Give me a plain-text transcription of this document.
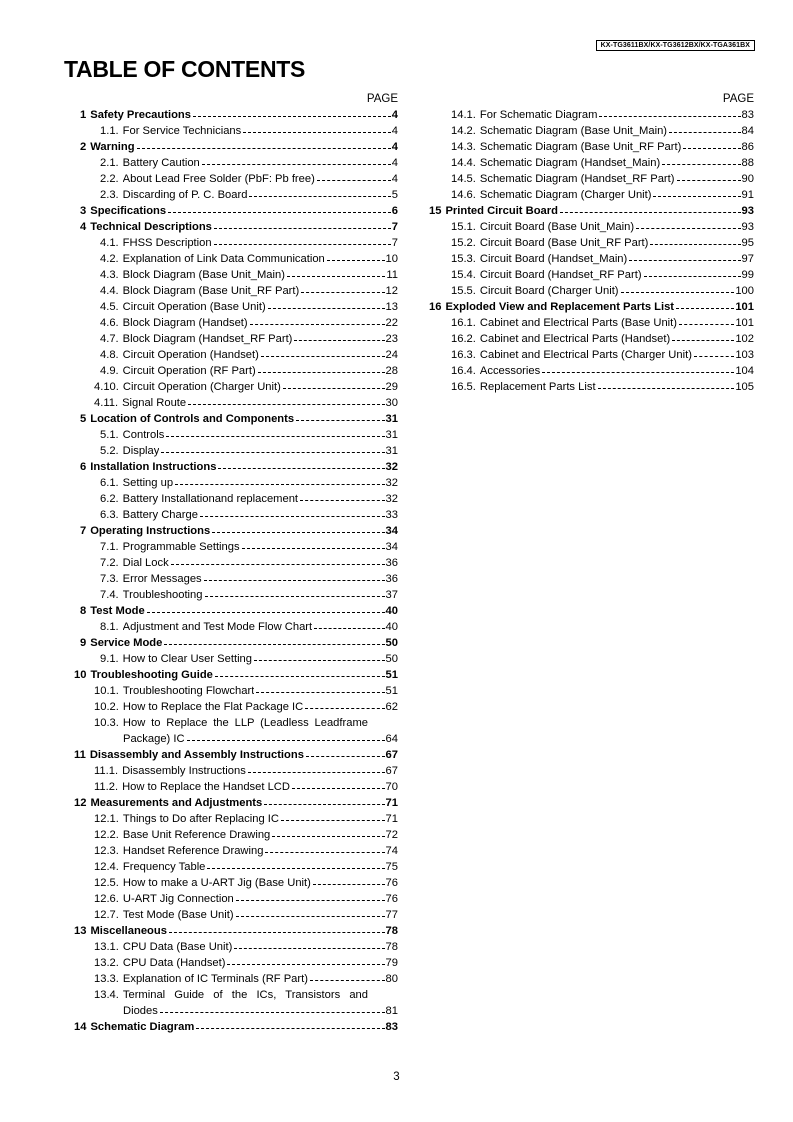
KX-TG3611BX/KX-TG3612BX/KX-TGA361BX
TABLE OF CONTENTS
PAGE
1 Safety Precautions	4
1.1. For Service Technicians	4
2 Warning	4
2.1. Battery Caution	4
2.2. About Lead Free Solder (PbF: Pb free)	4
2.3. Discarding of P. C. Board	5
3 Specifications	6
4 Technical Descriptions	7
4.1. FHSS Description	7
4.2. Explanation of Link Data Communication	10
4.3. Block Diagram (Base Unit_Main)	11
4.4. Block Diagram (Base Unit_RF Part)	12
4.5. Circuit Operation (Base Unit)	13
4.6. Block Diagram (Handset)	22
4.7. Block Diagram (Handset_RF Part)	23
4.8. Circuit Operation (Handset)	24
4.9. Circuit Operation (RF Part)	28
4.10. Circuit Operation (Charger Unit)	29
4.11. Signal Route	30
5 Location of Controls and Components	31
5.1. Controls	31
5.2. Display	31
6 Installation Instructions	32
6.1. Setting up	32
6.2. Battery Installationand replacement	32
6.3. Battery Charge	33
7 Operating Instructions	34
7.1. Programmable Settings	34
7.2. Dial Lock	36
7.3. Error Messages	36
7.4. Troubleshooting	37
8 Test Mode	40
8.1. Adjustment and Test Mode Flow Chart	40
9 Service Mode	50
9.1. How to Clear User Setting	50
10 Troubleshooting Guide	51
10.1. Troubleshooting Flowchart	51
10.2. How to Replace the Flat Package IC	62
10.3. How to Replace the LLP (Leadless Leadframe
Package) IC	64
11 Disassembly and Assembly Instructions	67
11.1. Disassembly Instructions	67
11.2. How to Replace the Handset LCD	70
12 Measurements and Adjustments	71
12.1. Things to Do after Replacing IC	71
12.2. Base Unit Reference Drawing	72
12.3. Handset Reference Drawing	74
12.4. Frequency Table	75
12.5. How to make a U-ART Jig (Base Unit)	76
12.6. U-ART Jig Connection	76
12.7. Test Mode (Base Unit)	77
13 Miscellaneous	78
13.1. CPU Data (Base Unit)	78
13.2. CPU Data (Handset)	79
13.3. Explanation of IC Terminals (RF Part)	80
13.4. Terminal Guide of the ICs, Transistors and
Diodes	81
14 Schematic Diagram	83
PAGE
14.1. For Schematic Diagram	83
14.2. Schematic Diagram (Base Unit_Main)	84
14.3. Schematic Diagram (Base Unit_RF Part)	86
14.4. Schematic Diagram (Handset_Main)	88
14.5. Schematic Diagram (Handset_RF Part)	90
14.6. Schematic Diagram (Charger Unit)	91
15 Printed Circuit Board	93
15.1. Circuit Board (Base Unit_Main)	93
15.2. Circuit Board (Base Unit_RF Part)	95
15.3. Circuit Board (Handset_Main)	97
15.4. Circuit Board (Handset_RF Part)	99
15.5. Circuit Board (Charger Unit)	100
16 Exploded View and Replacement Parts List	101
16.1. Cabinet and Electrical Parts (Base Unit)	101
16.2. Cabinet and Electrical Parts (Handset)	102
16.3. Cabinet and Electrical Parts (Charger Unit)	103
16.4. Accessories	104
16.5. Replacement Parts List	105
3
